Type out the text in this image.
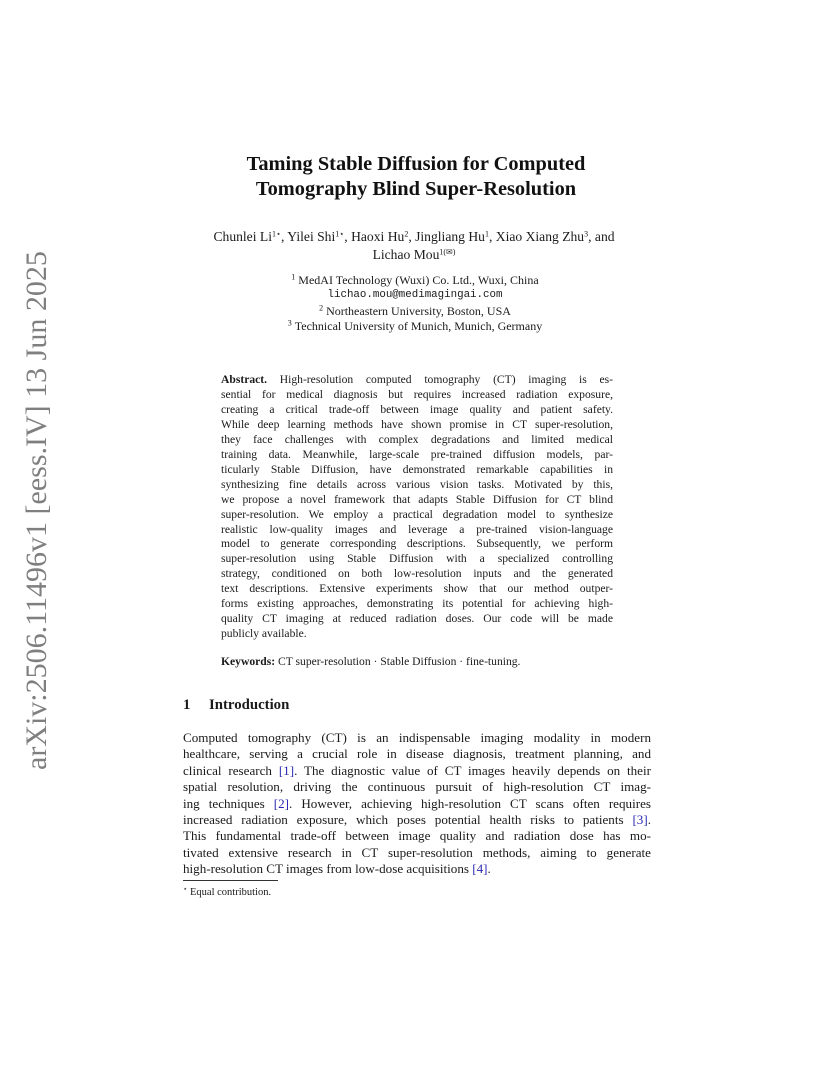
arXiv:2506.11496v1 [eess.IV] 13 Jun 2025
Taming Stable Diffusion for Computed
Tomography Blind Super-Resolution
Chunlei $Li^{1⋆}$, Yilei Shi$^{1⋆}$, Haoxi Hu$^2$, Jingliang Hu$^1$, Xiao Xiang Zhu$^3$, and
Lichao Mou$^{1(✉)}$
$^1$ MedAI Technology (Wuxi) Co. Ltd., Wuxi, China
lichao.mou@medimagingai.com
$^2$ Northeastern University, Boston, USA
$^3$ Technical University of Munich, Munich, Germany
Abstract. High-resolution computed tomography (CT) imaging is es-
sential for medical diagnosis but requires increased radiation exposure,
creating a critical trade-off between image quality and patient safety.
While deep learning methods have shown promise in CT super-resolution,
they face challenges with complex degradations and limited medical
training data. Meanwhile, large-scale pre-trained diffusion models, par-
ticularly Stable Diffusion, have demonstrated remarkable capabilities in
synthesizing fine details across various vision tasks. Motivated by this,
we propose a novel framework that adapts Stable Diffusion for CT blind
super-resolution. We employ a practical degradation model to synthesize
realistic low-quality images and leverage a pre-trained vision-language
model to generate corresponding descriptions. Subsequently, we perform
super-resolution using Stable Diffusion with a specialized controlling
strategy, conditioned on both low-resolution inputs and the generated
text descriptions. Extensive experiments show that our method outper-
forms existing approaches, demonstrating its potential for achieving high-
quality CT imaging at reduced radiation doses. Our code will be made
publicly available.
Keywords: CT super-resolution · Stable Diffusion · fine-tuning.
1 Introduction
Computed tomography (CT) is an indispensable imaging modality in modern
healthcare, serving a crucial role in disease diagnosis, treatment planning, and
clinical research [1]. The diagnostic value of CT images heavily depends on their
spatial resolution, driving the continuous pursuit of high-resolution CT imag-
ing techniques [2]. However, achieving high-resolution CT scans often requires
increased radiation exposure, which poses potential health risks to patients [3].
This fundamental trade-off between image quality and radiation dose has mo-
tivated extensive research in CT super-resolution methods, aiming to generate
high-resolution CT images from low-dose acquisitions [4].
⋆ Equal contribution.
